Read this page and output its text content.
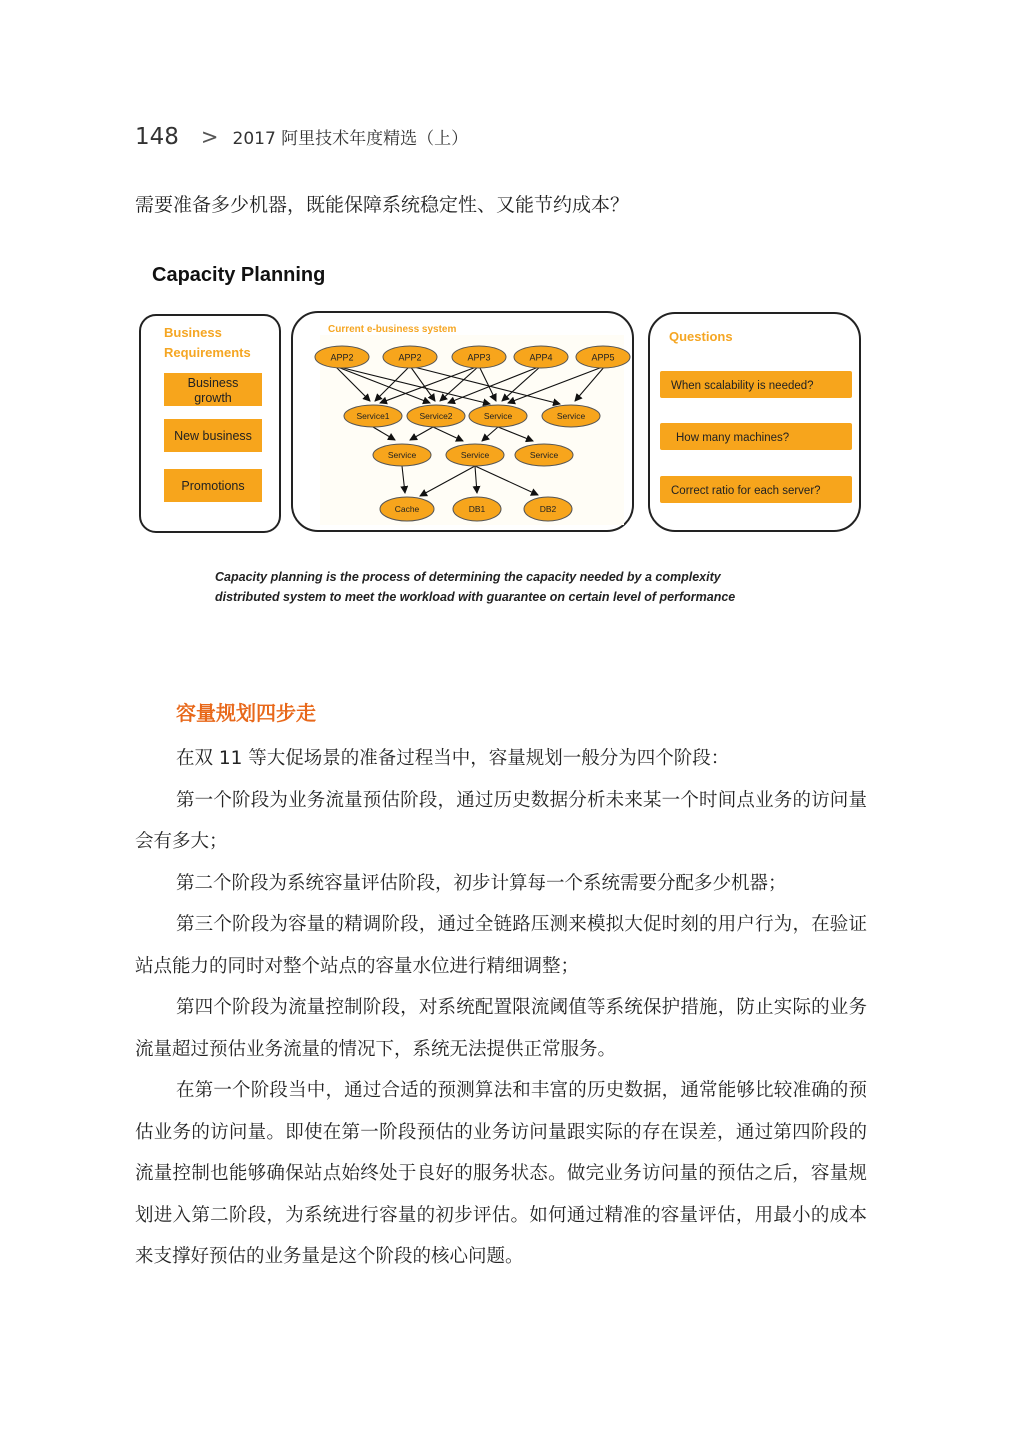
148 > 2017 阿里技术年度精选（上）
需要准备多少机器，既能保障系统稳定性、又能节约成本？
Capacity Planning
Business
Requirements
Business
growth
New business
Promotions
Current e-business system
APP2	APP2	APP3	APP4	APP5
Service1	Service2	Service	Service
Service	Service	Service
Cache	DB1	DB2
Questions
When scalability is needed?
How many machines?
Correct ratio for each server?
Capacity planning is the process of determining the capacity needed by a complexity
distributed system to meet the workload with guarantee on certain level of performance
容量规划四步走

在双 11 等大促场景的准备过程当中，容量规划一般分为四个阶段：

第一个阶段为业务流量预估阶段，通过历史数据分析未来某一个时间点业务的访问量会有多大；

第二个阶段为系统容量评估阶段，初步计算每一个系统需要分配多少机器；

第三个阶段为容量的精调阶段，通过全链路压测来模拟大促时刻的用户行为，在验证站点能力的同时对整个站点的容量水位进行精细调整；

第四个阶段为流量控制阶段，对系统配置限流阈值等系统保护措施，防止实际的业务流量超过预估业务流量的情况下，系统无法提供正常服务。

在第一个阶段当中，通过合适的预测算法和丰富的历史数据，通常能够比较准确的预估业务的访问量。即使在第一阶段预估的业务访问量跟实际的存在误差，通过第四阶段的流量控制也能够确保站点始终处于良好的服务状态。做完业务访问量的预估之后，容量规划进入第二阶段，为系统进行容量的初步评估。如何通过精准的容量评估，用最小的成本来支撑好预估的业务量是这个阶段的核心问题。
